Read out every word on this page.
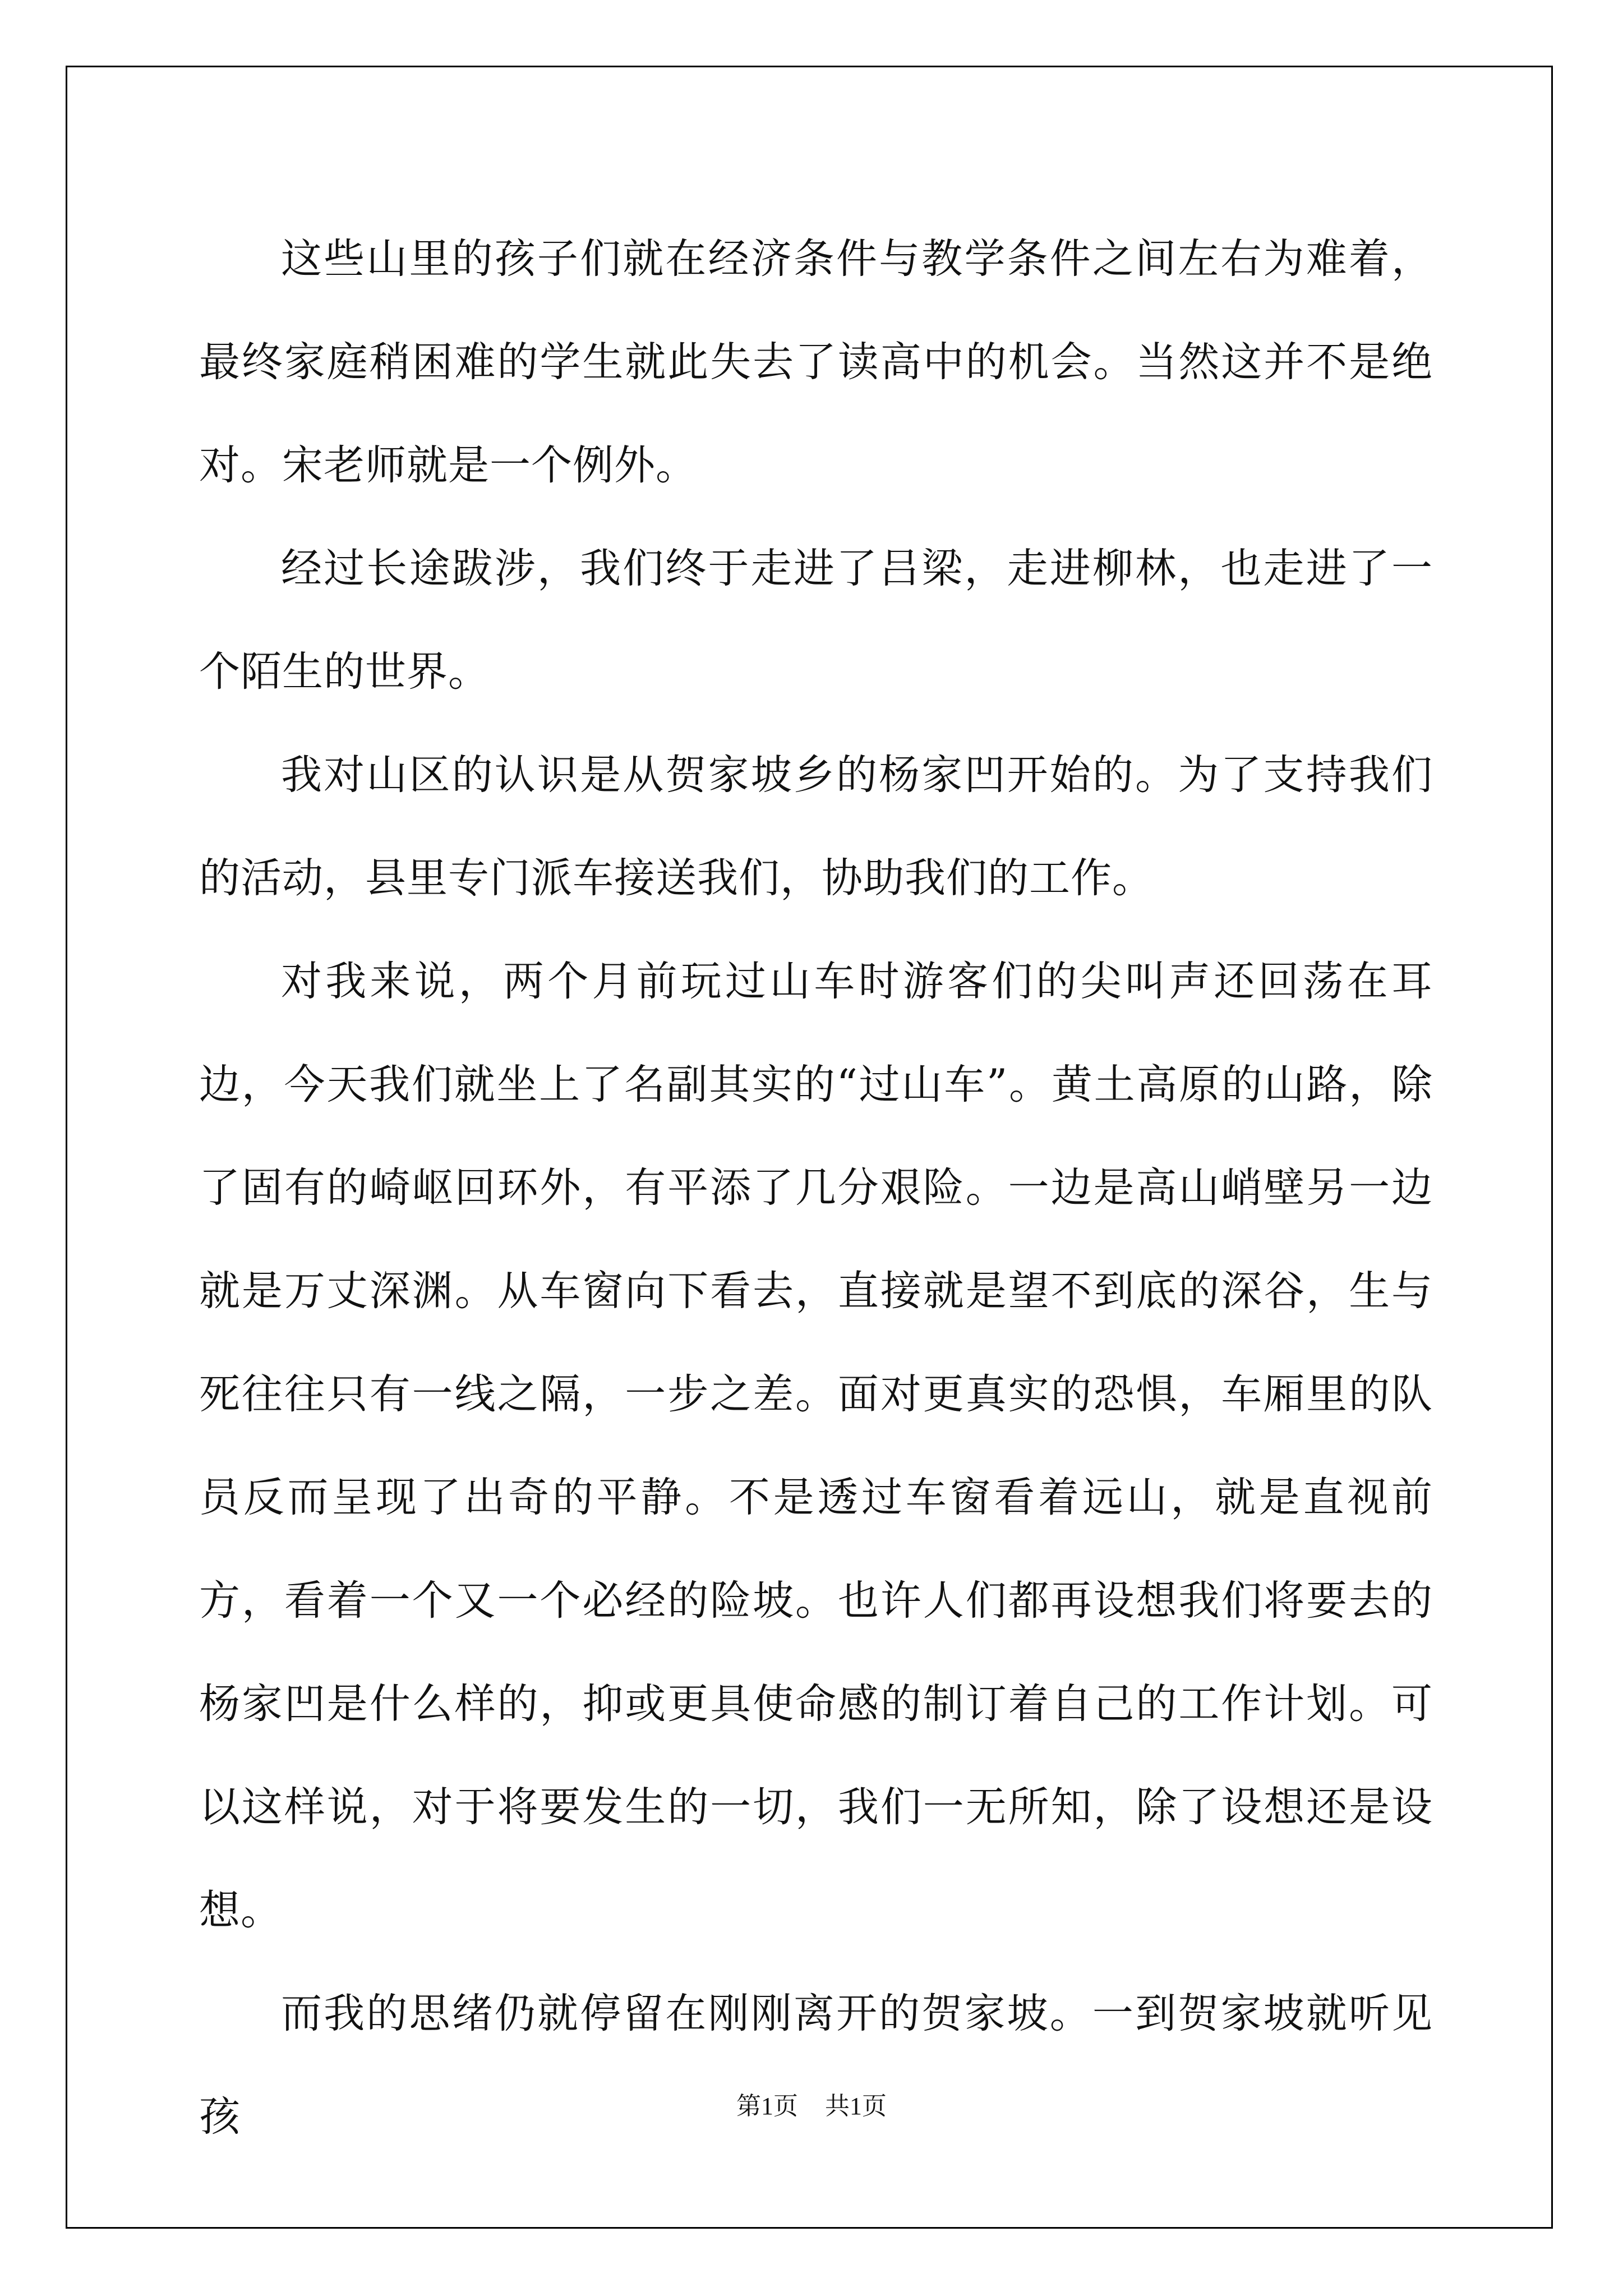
这些山里的孩子们就在经济条件与教学条件之间左右为难着，最终家庭稍困难的学生就此失去了读高中的机会。当然这并不是绝对。宋老师就是一个例外。

经过长途跋涉，我们终于走进了吕梁，走进柳林，也走进了一个陌生的世界。

我对山区的认识是从贺家坡乡的杨家凹开始的。为了支持我们的活动，县里专门派车接送我们，协助我们的工作。

对我来说，两个月前玩过山车时游客们的尖叫声还回荡在耳边，今天我们就坐上了名副其实的“过山车”。黄土高原的山路，除了固有的崎岖回环外，有平添了几分艰险。一边是高山峭壁另一边就是万丈深渊。从车窗向下看去，直接就是望不到底的深谷，生与死往往只有一线之隔，一步之差。面对更真实的恐惧，车厢里的队员反而呈现了出奇的平静。不是透过车窗看着远山，就是直视前方，看着一个又一个必经的险坡。也许人们都再设想我们将要去的杨家凹是什么样的，抑或更具使命感的制订着自己的工作计划。可以这样说，对于将要发生的一切，我们一无所知，除了设想还是设想。

而我的思绪仍就停留在刚刚离开的贺家坡。一到贺家坡就听见孩	第1页 共1页
